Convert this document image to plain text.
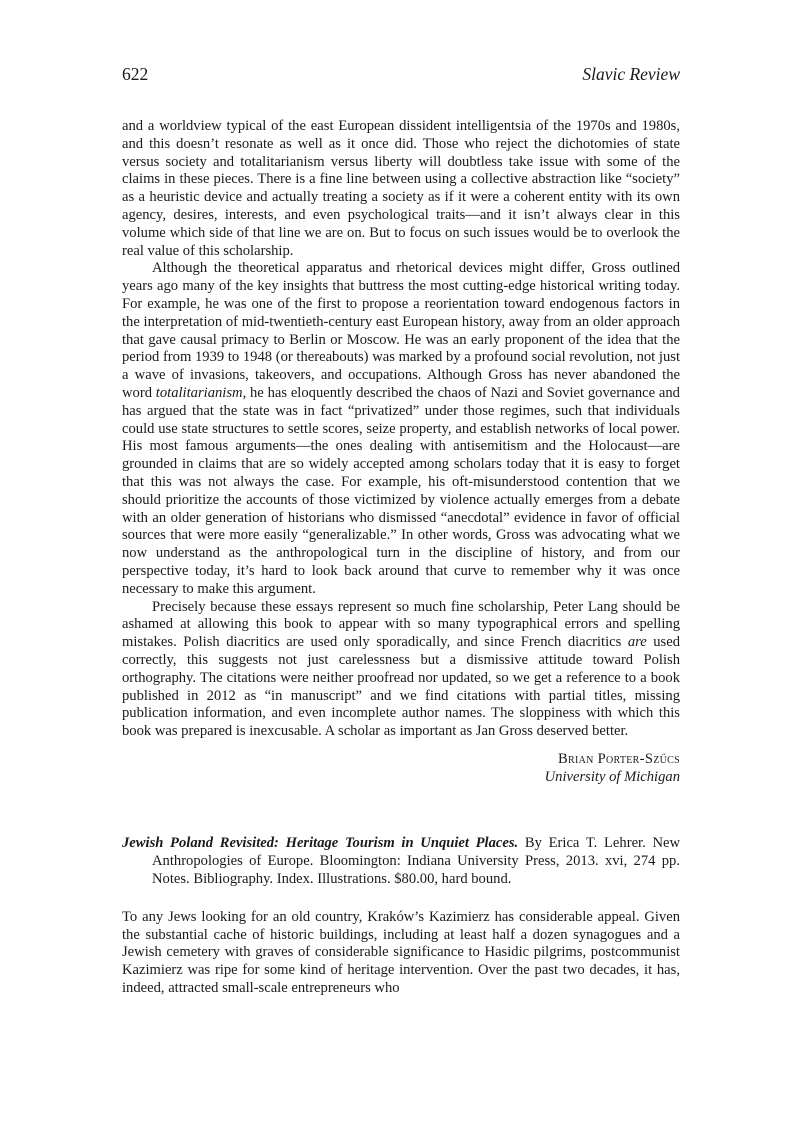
622	Slavic Review

and a worldview typical of the east European dissident intelligentsia of the 1970s and 1980s, and this doesn’t resonate as well as it once did. Those who reject the dichotomies of state versus society and totalitarianism versus liberty will doubtless take issue with some of the claims in these pieces. There is a fine line between using a collective abstraction like “society” as a heuristic device and actually treating a society as if it were a coherent entity with its own agency, desires, interests, and even psychological traits—and it isn’t always clear in this volume which side of that line we are on. But to focus on such issues would be to overlook the real value of this scholarship.

Although the theoretical apparatus and rhetorical devices might differ, Gross outlined years ago many of the key insights that buttress the most cutting-edge historical writing today. For example, he was one of the first to propose a reorientation toward endogenous factors in the interpretation of mid-twentieth-century east European history, away from an older approach that gave causal primacy to Berlin or Moscow. He was an early proponent of the idea that the period from 1939 to 1948 (or thereabouts) was marked by a profound social revolution, not just a wave of invasions, takeovers, and occupations. Although Gross has never abandoned the word totalitarianism, he has eloquently described the chaos of Nazi and Soviet governance and has argued that the state was in fact “privatized” under those regimes, such that individuals could use state structures to settle scores, seize property, and establish networks of local power. His most famous arguments—the ones dealing with antisemitism and the Holocaust—are grounded in claims that are so widely accepted among scholars today that it is easy to forget that this was not always the case. For example, his oft-misunderstood contention that we should prioritize the accounts of those victimized by violence actually emerges from a debate with an older generation of historians who dismissed “anecdotal” evidence in favor of official sources that were more easily “generalizable.” In other words, Gross was advocating what we now understand as the anthropological turn in the discipline of history, and from our perspective today, it’s hard to look back around that curve to remember why it was once necessary to make this argument.

Precisely because these essays represent so much fine scholarship, Peter Lang should be ashamed at allowing this book to appear with so many typographical errors and spelling mistakes. Polish diacritics are used only sporadically, and since French diacritics are used correctly, this suggests not just carelessness but a dismissive attitude toward Polish orthography. The citations were neither proofread nor updated, so we get a reference to a book published in 2012 as “in manuscript” and we find citations with partial titles, missing publication information, and even incomplete author names. The sloppiness with which this book was prepared is inexcusable. A scholar as important as Jan Gross deserved better.

Brian Porter-Szűcs
University of Michigan

Jewish Poland Revisited: Heritage Tourism in Unquiet Places. By Erica T. Lehrer. New Anthropologies of Europe. Bloomington: Indiana University Press, 2013. xvi, 274 pp. Notes. Bibliography. Index. Illustrations. $80.00, hard bound.

To any Jews looking for an old country, Kraków’s Kazimierz has considerable appeal. Given the substantial cache of historic buildings, including at least half a dozen synagogues and a Jewish cemetery with graves of considerable significance to Hasidic pilgrims, postcommunist Kazimierz was ripe for some kind of heritage intervention. Over the past two decades, it has, indeed, attracted small-scale entrepreneurs who
